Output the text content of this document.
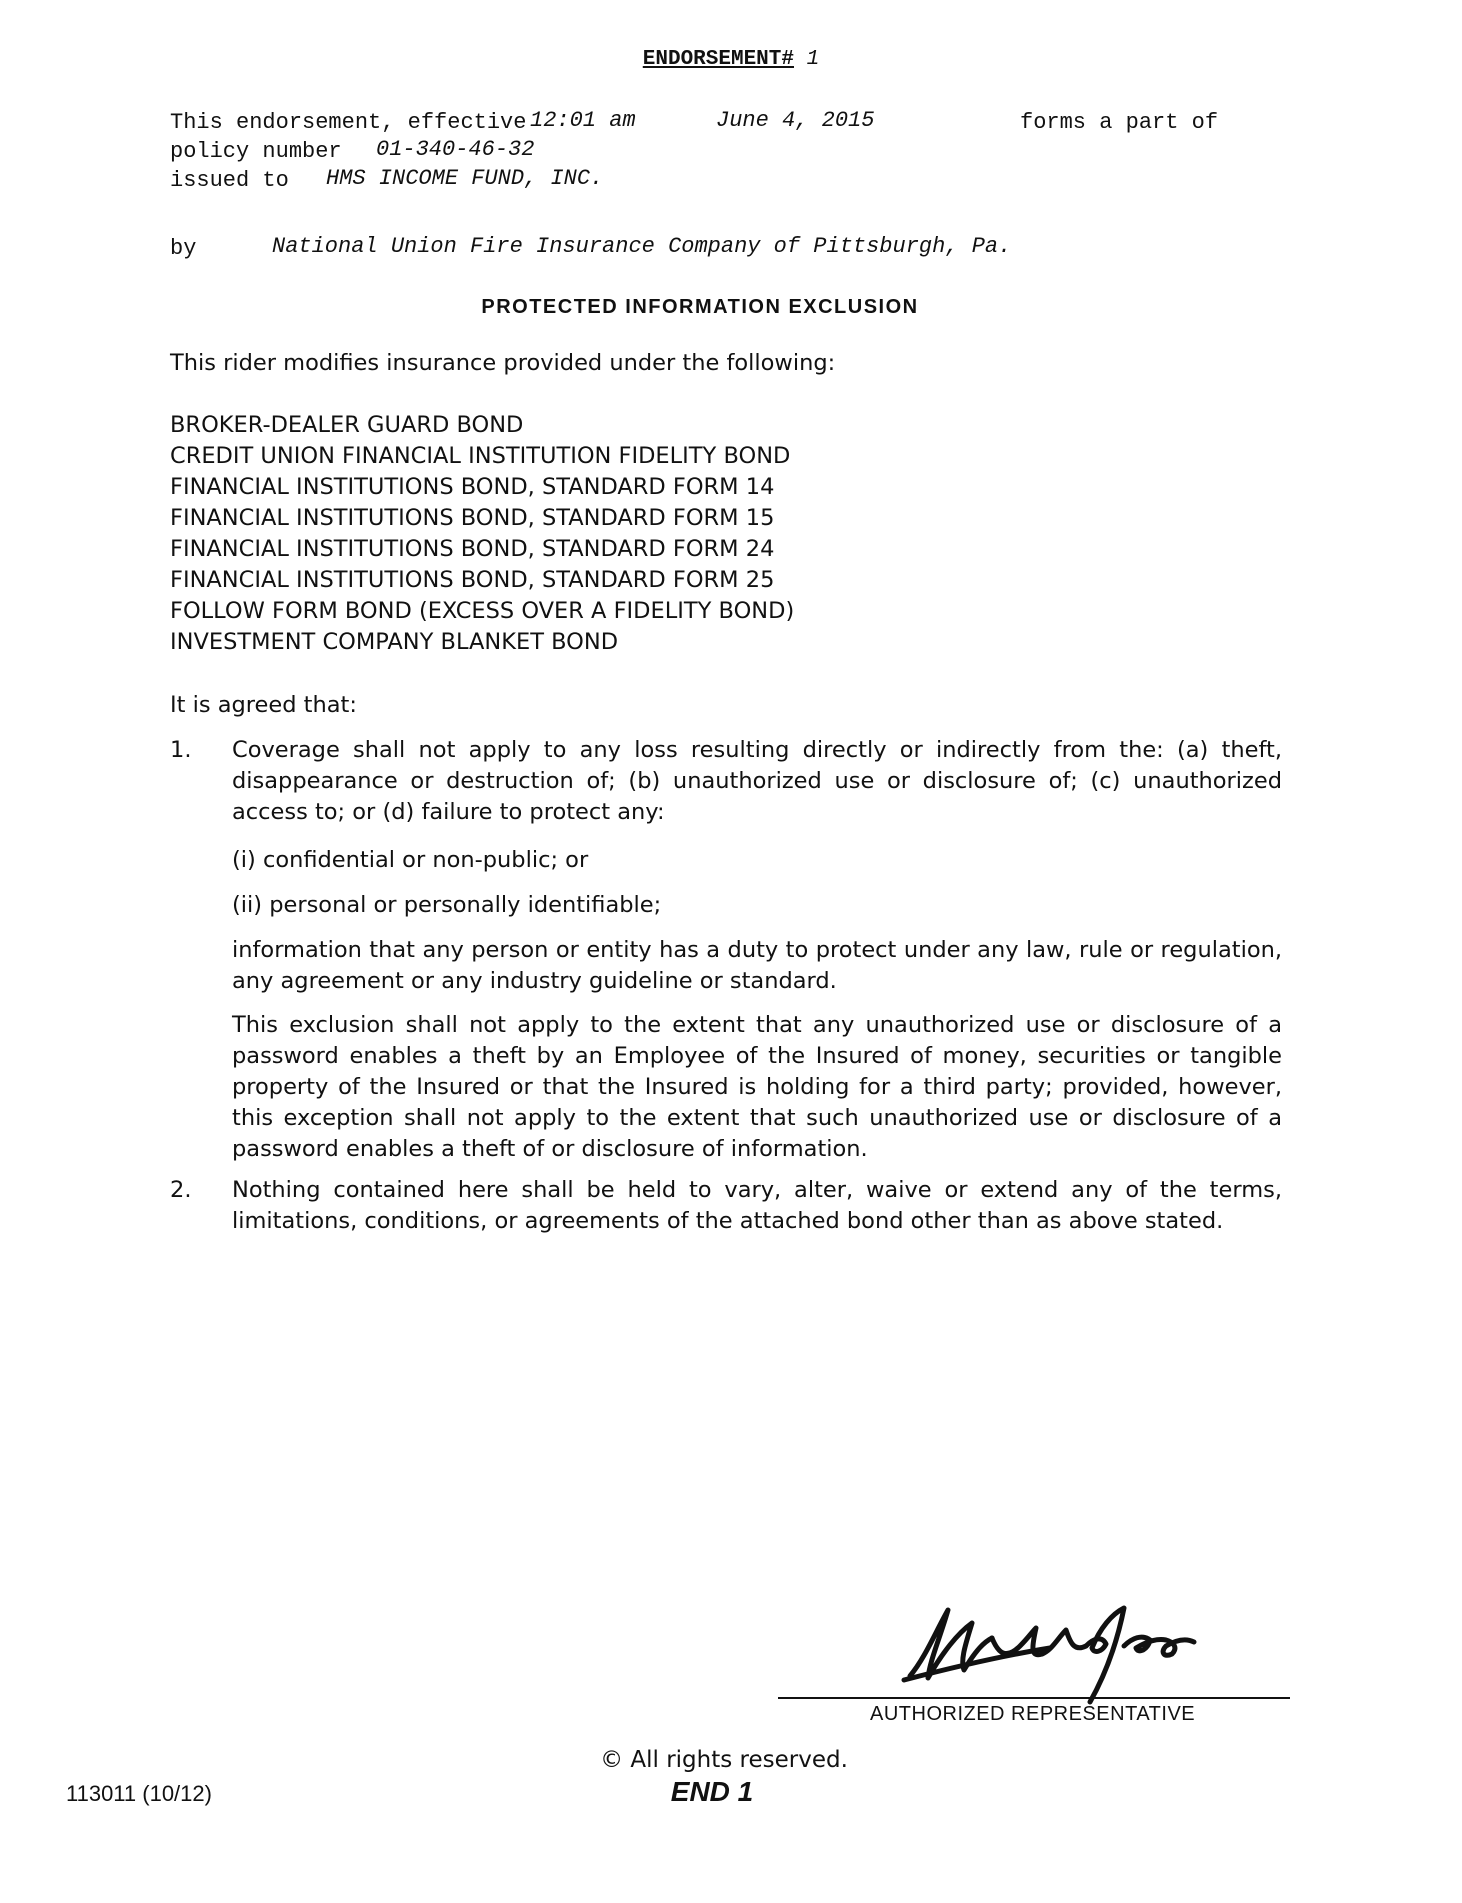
ENDORSEMENT# 1
This endorsement, effective 12:01 am	June 4, 2015	forms a part of
policy number 01-340-46-32
issued to HMS INCOME FUND, INC.
by	National Union Fire Insurance Company of Pittsburgh, Pa.
PROTECTED INFORMATION EXCLUSION
This rider modifies insurance provided under the following:
BROKER-DEALER GUARD BOND
CREDIT UNION FINANCIAL INSTITUTION FIDELITY BOND
FINANCIAL INSTITUTIONS BOND, STANDARD FORM 14
FINANCIAL INSTITUTIONS BOND, STANDARD FORM 15
FINANCIAL INSTITUTIONS BOND, STANDARD FORM 24
FINANCIAL INSTITUTIONS BOND, STANDARD FORM 25
FOLLOW FORM BOND (EXCESS OVER A FIDELITY BOND)
INVESTMENT COMPANY BLANKET BOND
It is agreed that:
1. Coverage shall not apply to any loss resulting directly or indirectly from the: (a) theft, disappearance or destruction of; (b) unauthorized use or disclosure of; (c) unauthorized access to; or (d) failure to protect any:
(i) confidential or non-public; or
(ii) personal or personally identifiable;
information that any person or entity has a duty to protect under any law, rule or regulation, any agreement or any industry guideline or standard.
This exclusion shall not apply to the extent that any unauthorized use or disclosure of a password enables a theft by an Employee of the Insured of money, securities or tangible property of the Insured or that the Insured is holding for a third party; provided, however, this exception shall not apply to the extent that such unauthorized use or disclosure of a password enables a theft of or disclosure of information.
2. Nothing contained here shall be held to vary, alter, waive or extend any of the terms, limitations, conditions, or agreements of the attached bond other than as above stated.
AUTHORIZED REPRESENTATIVE
© All rights reserved.
END 1
113011 (10/12)
